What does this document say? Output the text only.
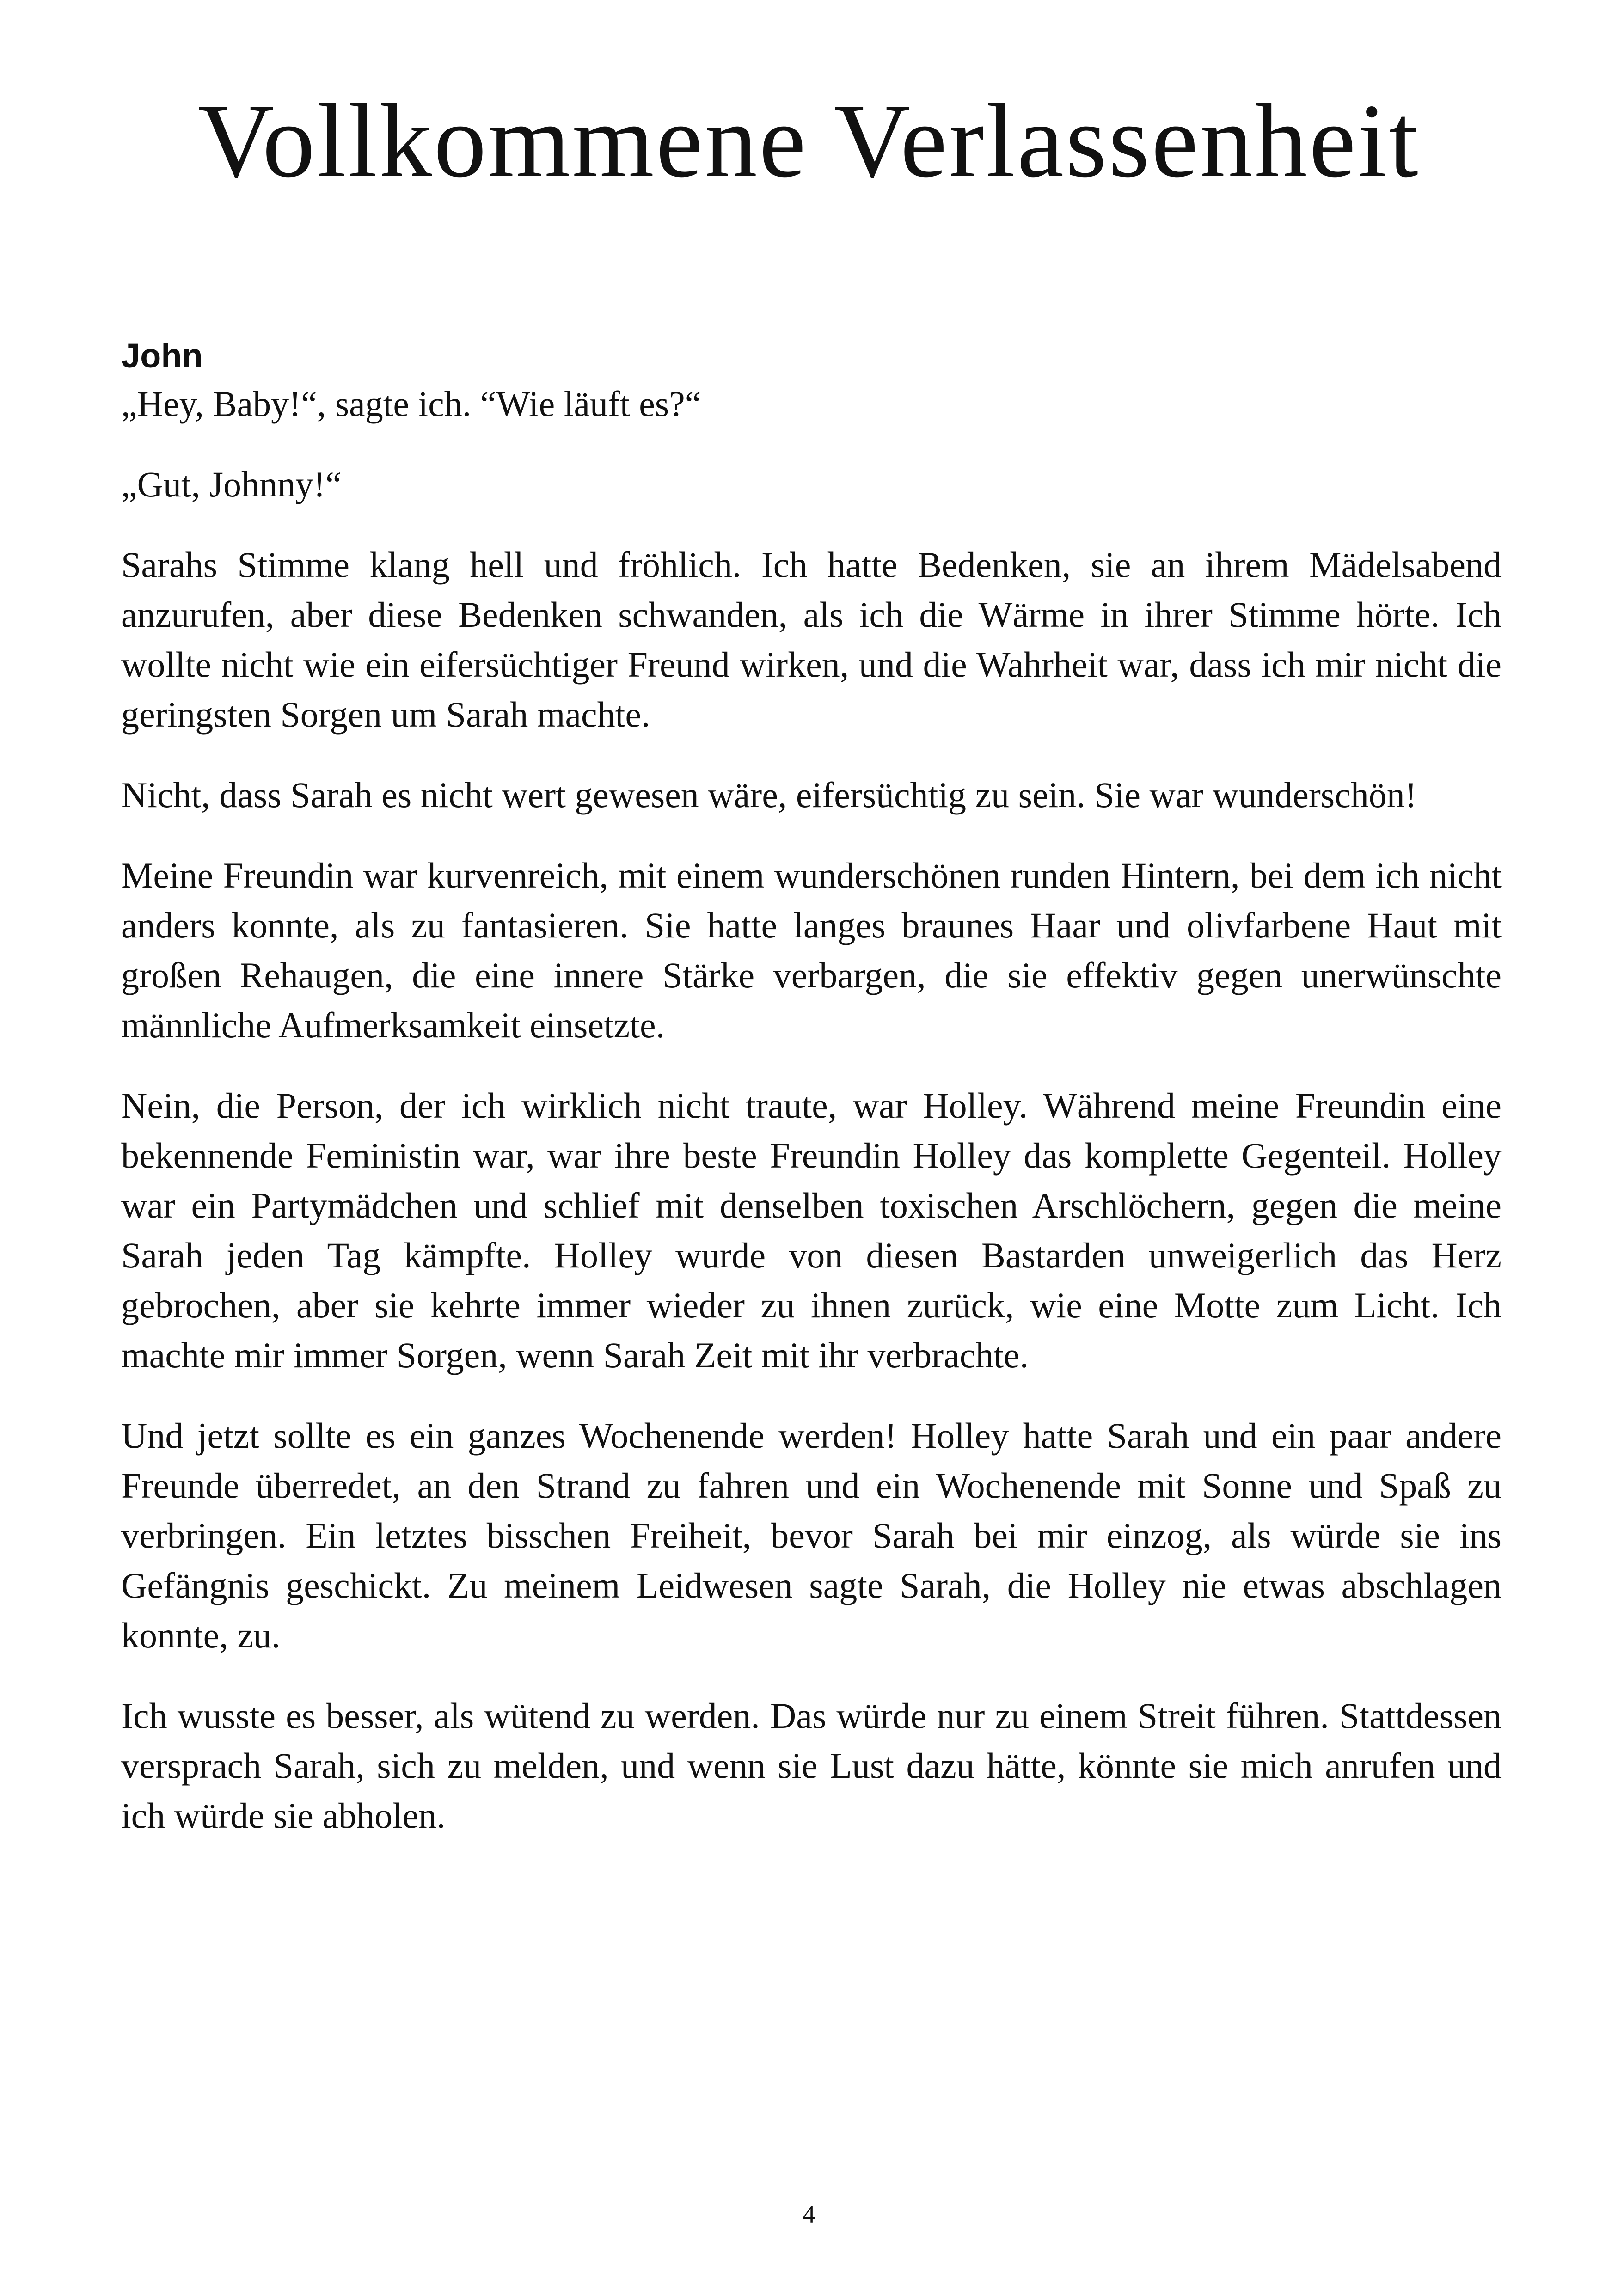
Vollkommene Verlassenheit

John

„Hey, Baby!“, sagte ich. “Wie läuft es?“

„Gut, Johnny!“

Sarahs Stimme klang hell und fröhlich. Ich hatte Bedenken, sie an ihrem Mädelsabend anzurufen, aber diese Bedenken schwanden, als ich die Wärme in ihrer Stimme hörte. Ich wollte nicht wie ein eifersüchtiger Freund wirken, und die Wahrheit war, dass ich mir nicht die geringsten Sorgen um Sarah machte.

Nicht, dass Sarah es nicht wert gewesen wäre, eifersüchtig zu sein. Sie war wunderschön!

Meine Freundin war kurvenreich, mit einem wunderschönen runden Hintern, bei dem ich nicht anders konnte, als zu fantasieren. Sie hatte langes braunes Haar und olivfarbene Haut mit großen Rehaugen, die eine innere Stärke verbargen, die sie effektiv gegen unerwünschte männliche Aufmerksamkeit einsetzte.

Nein, die Person, der ich wirklich nicht traute, war Holley. Während meine Freundin eine bekennende Feministin war, war ihre beste Freundin Holley das komplette Gegenteil. Holley war ein Partymädchen und schlief mit denselben toxischen Arschlöchern, gegen die meine Sarah jeden Tag kämpfte. Holley wurde von diesen Bastarden unweigerlich das Herz gebrochen, aber sie kehrte immer wieder zu ihnen zurück, wie eine Motte zum Licht. Ich machte mir immer Sorgen, wenn Sarah Zeit mit ihr verbrachte.

Und jetzt sollte es ein ganzes Wochenende werden! Holley hatte Sarah und ein paar andere Freunde überredet, an den Strand zu fahren und ein Wochenende mit Sonne und Spaß zu verbringen. Ein letztes bisschen Freiheit, bevor Sarah bei mir einzog, als würde sie ins Gefängnis geschickt. Zu meinem Leidwesen sagte Sarah, die Holley nie etwas abschlagen konnte, zu.

Ich wusste es besser, als wütend zu werden. Das würde nur zu einem Streit führen. Stattdessen versprach Sarah, sich zu melden, und wenn sie Lust dazu hätte, könnte sie mich anrufen und ich würde sie abholen.

4
